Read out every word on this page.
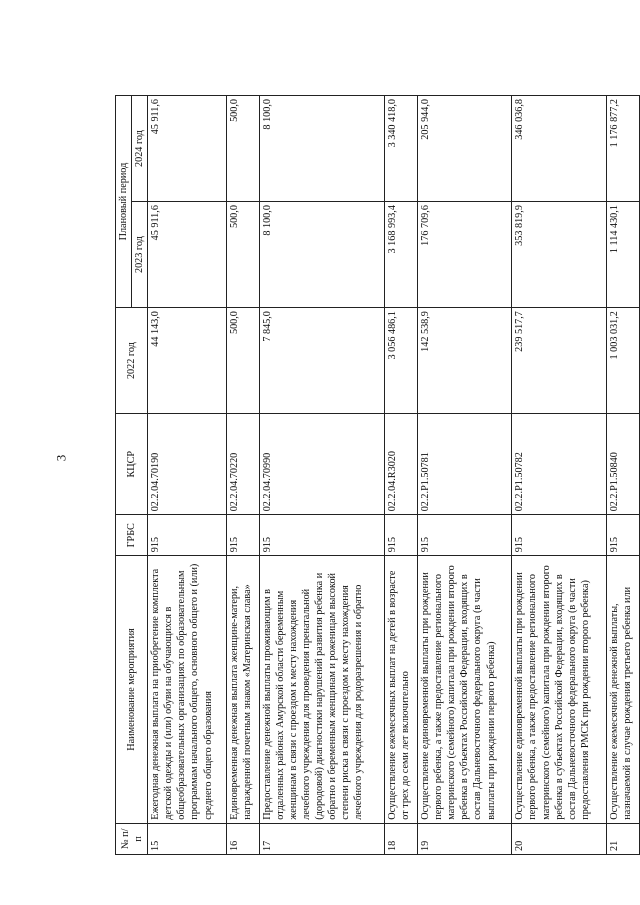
3
№ п/п	Наименование мероприятия	ГРБС	КЦСР	2022 год	Плановый период	
					2023 год	2024 год
15	Ежегодная денежная выплата на приобретение комплекта детской одежды и (или) обуви на обучающихся в общеобразовательных организациях по образовательным программам начального общего, основного общего и (или) среднего общего образования	915	02.2.04.70190	44 143,0	45 911,6	45 911,6
16	Единовременная денежная выплата женщине-матери, награжденной почетным знаком «Материнская слава»	915	02.2.04.70220	500,0	500,0	500,0
17	Предоставление денежной выплаты проживающим в отдаленных районах Амурской области беременным женщинам в связи с проездом к месту нахождения лечебного учреждения для проведения пренатальной (дородовой) диагностики нарушений развития ребенка и обратно и беременным женщинам и роженицам высокой степени риска в связи с проездом к месту нахождения лечебного учреждения для родоразрешения и обратно	915	02.2.04.70990	7 845,0	8 100,0	8 100,0
18	Осуществление ежемесячных выплат на детей в возрасте от трех до семи лет включительно	915	02.2.04.R3020	3 056 486,1	3 168 993,4	3 340 418,0
19	Осуществление единовременной выплаты при рождении первого ребенка, а также предоставление регионального материнского (семейного) капитала при рождении второго ребенка в субъектах Российской Федерации, входящих в состав Дальневосточного федерального округа (в части выплаты при рождении первого ребенка)	915	02.2.P1.50781	142 538,9	176 709,6	205 944,0
20	Осуществление единовременной выплаты при рождении первого ребенка, а также предоставление регионального материнского (семейного) капитала при рождении второго ребенка в субъектах Российской Федерации, входящих в состав Дальневосточного федерального округа (в части предоставления РМСК при рождении второго ребенка)	915	02.2.P1.50782	239 517,7	353 819,9	346 036,8
21	Осуществление ежемесячной денежной выплаты, назначаемой в случае рождения третьего ребенка или	915	02.2.P1.50840	1 003 031,2	1 114 430,1	1 176 877,2
